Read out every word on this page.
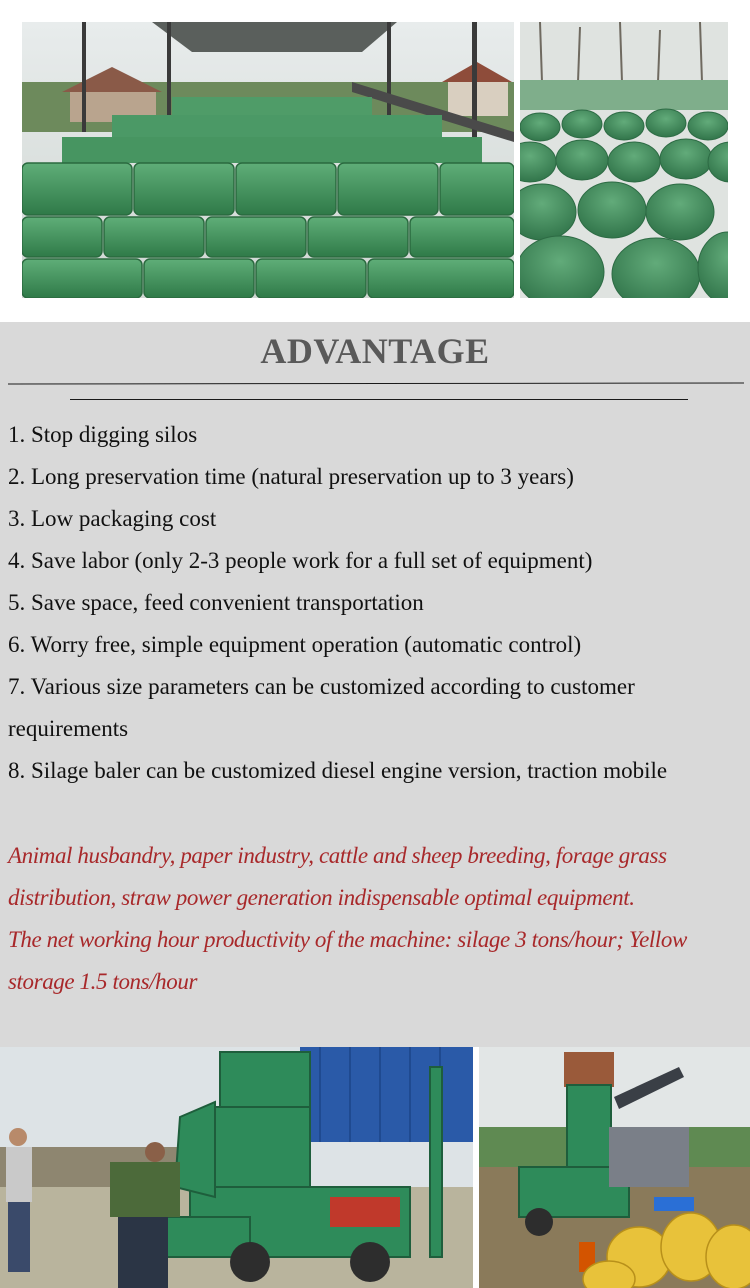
ADVANTAGE
1. Stop digging silos
2. Long preservation time (natural preservation up to 3 years)
3. Low packaging cost
4. Save labor (only 2-3 people work for a full set of equipment)
5. Save space, feed convenient transportation
6. Worry free, simple equipment operation (automatic control)
7. Various size parameters can be customized according to customer requirements
8. Silage baler can be customized diesel engine version, traction mobile

Animal husbandry, paper industry, cattle and sheep breeding, forage grass distribution, straw power generation indispensable optimal equipment.

The net working hour productivity of the machine: silage 3 tons/hour; Yellow storage 1.5 tons/hour
